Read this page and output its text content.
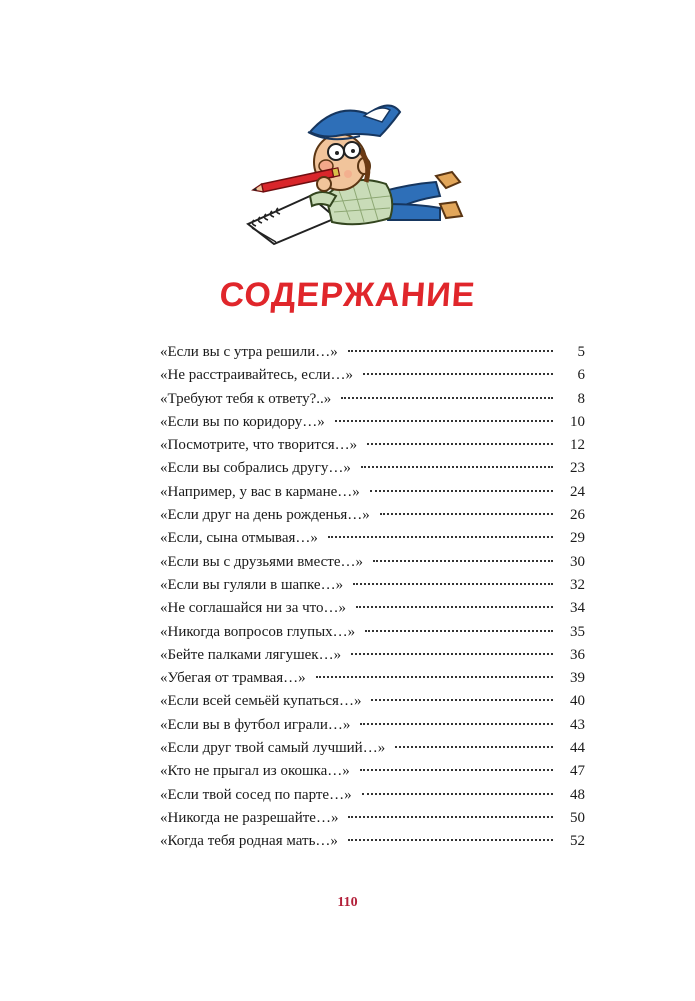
СОДЕРЖАНИЕ
«Если вы с утра решили…»	5
«Не расстраивайтесь, если…»	6
«Требуют тебя к ответу?..»	8
«Если вы по коридору…»	10
«Посмотрите, что творится…»	12
«Если вы собрались другу…»	23
«Например, у вас в кармане…»	24
«Если друг на день рожденья…»	26
«Если, сына отмывая…»	29
«Если вы с друзьями вместе…»	30
«Если вы гуляли в шапке…»	32
«Не соглашайся ни за что…»	34
«Никогда вопросов глупых…»	35
«Бейте палками лягушек…»	36
«Убегая от трамвая…»	39
«Если всей семьёй купаться…»	40
«Если вы в футбол играли…»	43
«Если друг твой самый лучший…»	44
«Кто не прыгал из окошка…»	47
«Если твой сосед по парте…»	48
«Никогда не разрешайте…»	50
«Когда тебя родная мать…»	52
110
